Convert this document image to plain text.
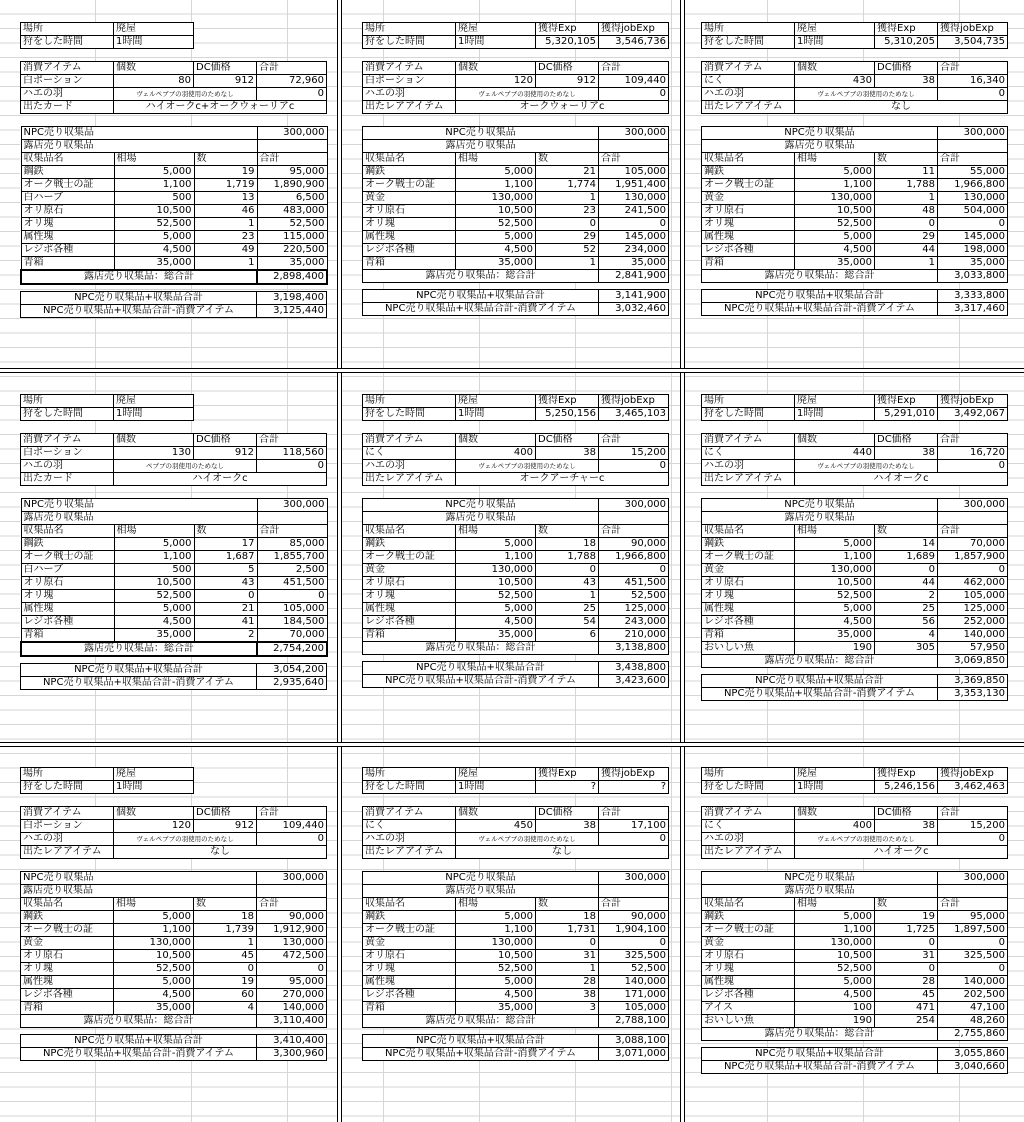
場所	廃屋
狩をした時間	1時間
消費アイテム	個数	DC価格	合計
白ポーション	80	912	72,960
ハエの羽	ヴェルペブブの羽使用のためなし		0
出たカード	ハイオークc+オークウォーリアc		
NPC売り収集品			300,000
露店売り収集品			
収集品名	相場	数	合計
鋼鉄	5,000	19	95,000
オーク戦士の証	1,100	1,719	1,890,900
白ハーブ	500	13	6,500
オリ原石	10,500	46	483,000
オリ塊	52,500	1	52,500
属性塊	5,000	23	115,000
レジポ各種	4,500	49	220,500
青箱	35,000	1	35,000
露店売り収集品：総合計			2,898,400
NPC売り収集品+収集品合計	3,198,400
NPC売り収集品+収集品合計-消費アイテム	3,125,440
場所	廃屋	獲得Exp	獲得jobExp
狩をした時間	1時間	5,320,105	3,546,736
消費アイテム	個数	DC価格	合計
白ポーション	120	912	109,440
ハエの羽	ヴェルペブブの羽使用のためなし		0
出たレアアイテム	オークウォーリアc		
NPC売り収集品			300,000
露店売り収集品			
収集品名	相場	数	合計
鋼鉄	5,000	21	105,000
オーク戦士の証	1,100	1,774	1,951,400
黄金	130,000	1	130,000
オリ原石	10,500	23	241,500
オリ塊	52,500	0	0
属性塊	5,000	29	145,000
レジポ各種	4,500	52	234,000
青箱	35,000	1	35,000
露店売り収集品：総合計			2,841,900
NPC売り収集品+収集品合計	3,141,900
NPC売り収集品+収集品合計-消費アイテム	3,032,460
場所	廃屋	獲得Exp	獲得jobExp
狩をした時間	1時間	5,310,205	3,504,735
消費アイテム	個数	DC価格	合計
にく	430	38	16,340
ハエの羽	ヴェルペブブの羽使用のためなし		0
出たレアアイテム	なし		
NPC売り収集品			300,000
露店売り収集品			
収集品名	相場	数	合計
鋼鉄	5,000	11	55,000
オーク戦士の証	1,100	1,788	1,966,800
黄金	130,000	1	130,000
オリ原石	10,500	48	504,000
オリ塊	52,500	0	0
属性塊	5,000	29	145,000
レジポ各種	4,500	44	198,000
青箱	35,000	1	35,000
露店売り収集品：総合計			3,033,800
NPC売り収集品+収集品合計	3,333,800
NPC売り収集品+収集品合計-消費アイテム	3,317,460
場所	廃屋
狩をした時間	1時間
消費アイテム	個数	DC価格	合計
白ポーション	130	912	118,560
ハエの羽	ペブブの羽使用のためなし		0
出たカード	ハイオークc		
NPC売り収集品			300,000
露店売り収集品			
収集品名	相場	数	合計
鋼鉄	5,000	17	85,000
オーク戦士の証	1,100	1,687	1,855,700
白ハーブ	500	5	2,500
オリ原石	10,500	43	451,500
オリ塊	52,500	0	0
属性塊	5,000	21	105,000
レジポ各種	4,500	41	184,500
青箱	35,000	2	70,000
露店売り収集品：総合計			2,754,200
NPC売り収集品+収集品合計	3,054,200
NPC売り収集品+収集品合計-消費アイテム	2,935,640
場所	廃屋	獲得Exp	獲得jobExp
狩をした時間	1時間	5,250,156	3,465,103
消費アイテム	個数	DC価格	合計
にく	400	38	15,200
ハエの羽	ヴェルペブブの羽使用のためなし		0
出たレアアイテム	オークアーチャーc		
NPC売り収集品			300,000
露店売り収集品			
収集品名	相場	数	合計
鋼鉄	5,000	18	90,000
オーク戦士の証	1,100	1,788	1,966,800
黄金	130,000	0	0
オリ原石	10,500	43	451,500
オリ塊	52,500	1	52,500
属性塊	5,000	25	125,000
レジポ各種	4,500	54	243,000
青箱	35,000	6	210,000
露店売り収集品：総合計			3,138,800
NPC売り収集品+収集品合計	3,438,800
NPC売り収集品+収集品合計-消費アイテム	3,423,600
場所	廃屋	獲得Exp	獲得jobExp
狩をした時間	1時間	5,291,010	3,492,067
消費アイテム	個数	DC価格	合計
にく	440	38	16,720
ハエの羽	ヴェルペブブの羽使用のためなし		0
出たレアアイテム	ハイオークc		
NPC売り収集品			300,000
露店売り収集品			
収集品名	相場	数	合計
鋼鉄	5,000	14	70,000
オーク戦士の証	1,100	1,689	1,857,900
黄金	130,000	0	0
オリ原石	10,500	44	462,000
オリ塊	52,500	2	105,000
属性塊	5,000	25	125,000
レジポ各種	4,500	56	252,000
青箱	35,000	4	140,000
おいしい魚	190	305	57,950
露店売り収集品：総合計			3,069,850
NPC売り収集品+収集品合計	3,369,850
NPC売り収集品+収集品合計-消費アイテム	3,353,130
場所	廃屋
狩をした時間	1時間
消費アイテム	個数	DC価格	合計
白ポーション	120	912	109,440
ハエの羽	ヴェルペブブの羽使用のためなし		0
出たレアアイテム	なし		
NPC売り収集品			300,000
露店売り収集品			
収集品名	相場	数	合計
鋼鉄	5,000	18	90,000
オーク戦士の証	1,100	1,739	1,912,900
黄金	130,000	1	130,000
オリ原石	10,500	45	472,500
オリ塊	52,500	0	0
属性塊	5,000	19	95,000
レジポ各種	4,500	60	270,000
青箱	35,000	4	140,000
露店売り収集品：総合計			3,110,400
NPC売り収集品+収集品合計	3,410,400
NPC売り収集品+収集品合計-消費アイテム	3,300,960
場所	廃屋	獲得Exp	獲得jobExp
狩をした時間	1時間	?	?
消費アイテム	個数	DC価格	合計
にく	450	38	17,100
ハエの羽	ヴェルペブブの羽使用のためなし		0
出たレアアイテム	なし		
NPC売り収集品			300,000
露店売り収集品			
収集品名	相場	数	合計
鋼鉄	5,000	18	90,000
オーク戦士の証	1,100	1,731	1,904,100
黄金	130,000	0	0
オリ原石	10,500	31	325,500
オリ塊	52,500	1	52,500
属性塊	5,000	28	140,000
レジポ各種	4,500	38	171,000
青箱	35,000	3	105,000
露店売り収集品：総合計			2,788,100
NPC売り収集品+収集品合計	3,088,100
NPC売り収集品+収集品合計-消費アイテム	3,071,000
場所	廃屋	獲得Exp	獲得jobExp
狩をした時間	1時間	5,246,156	3,462,463
消費アイテム	個数	DC価格	合計
にく	400	38	15,200
ハエの羽	ヴェルペブブの羽使用のためなし		0
出たレアアイテム	ハイオークc		
NPC売り収集品			300,000
露店売り収集品			
収集品名	相場	数	合計
鋼鉄	5,000	19	95,000
オーク戦士の証	1,100	1,725	1,897,500
黄金	130,000	0	0
オリ原石	10,500	31	325,500
オリ塊	52,500	0	0
属性塊	5,000	28	140,000
レジポ各種	4,500	45	202,500
アイス	100	471	47,100
おいしい魚	190	254	48,260
露店売り収集品：総合計			2,755,860
NPC売り収集品+収集品合計	3,055,860
NPC売り収集品+収集品合計-消費アイテム	3,040,660
